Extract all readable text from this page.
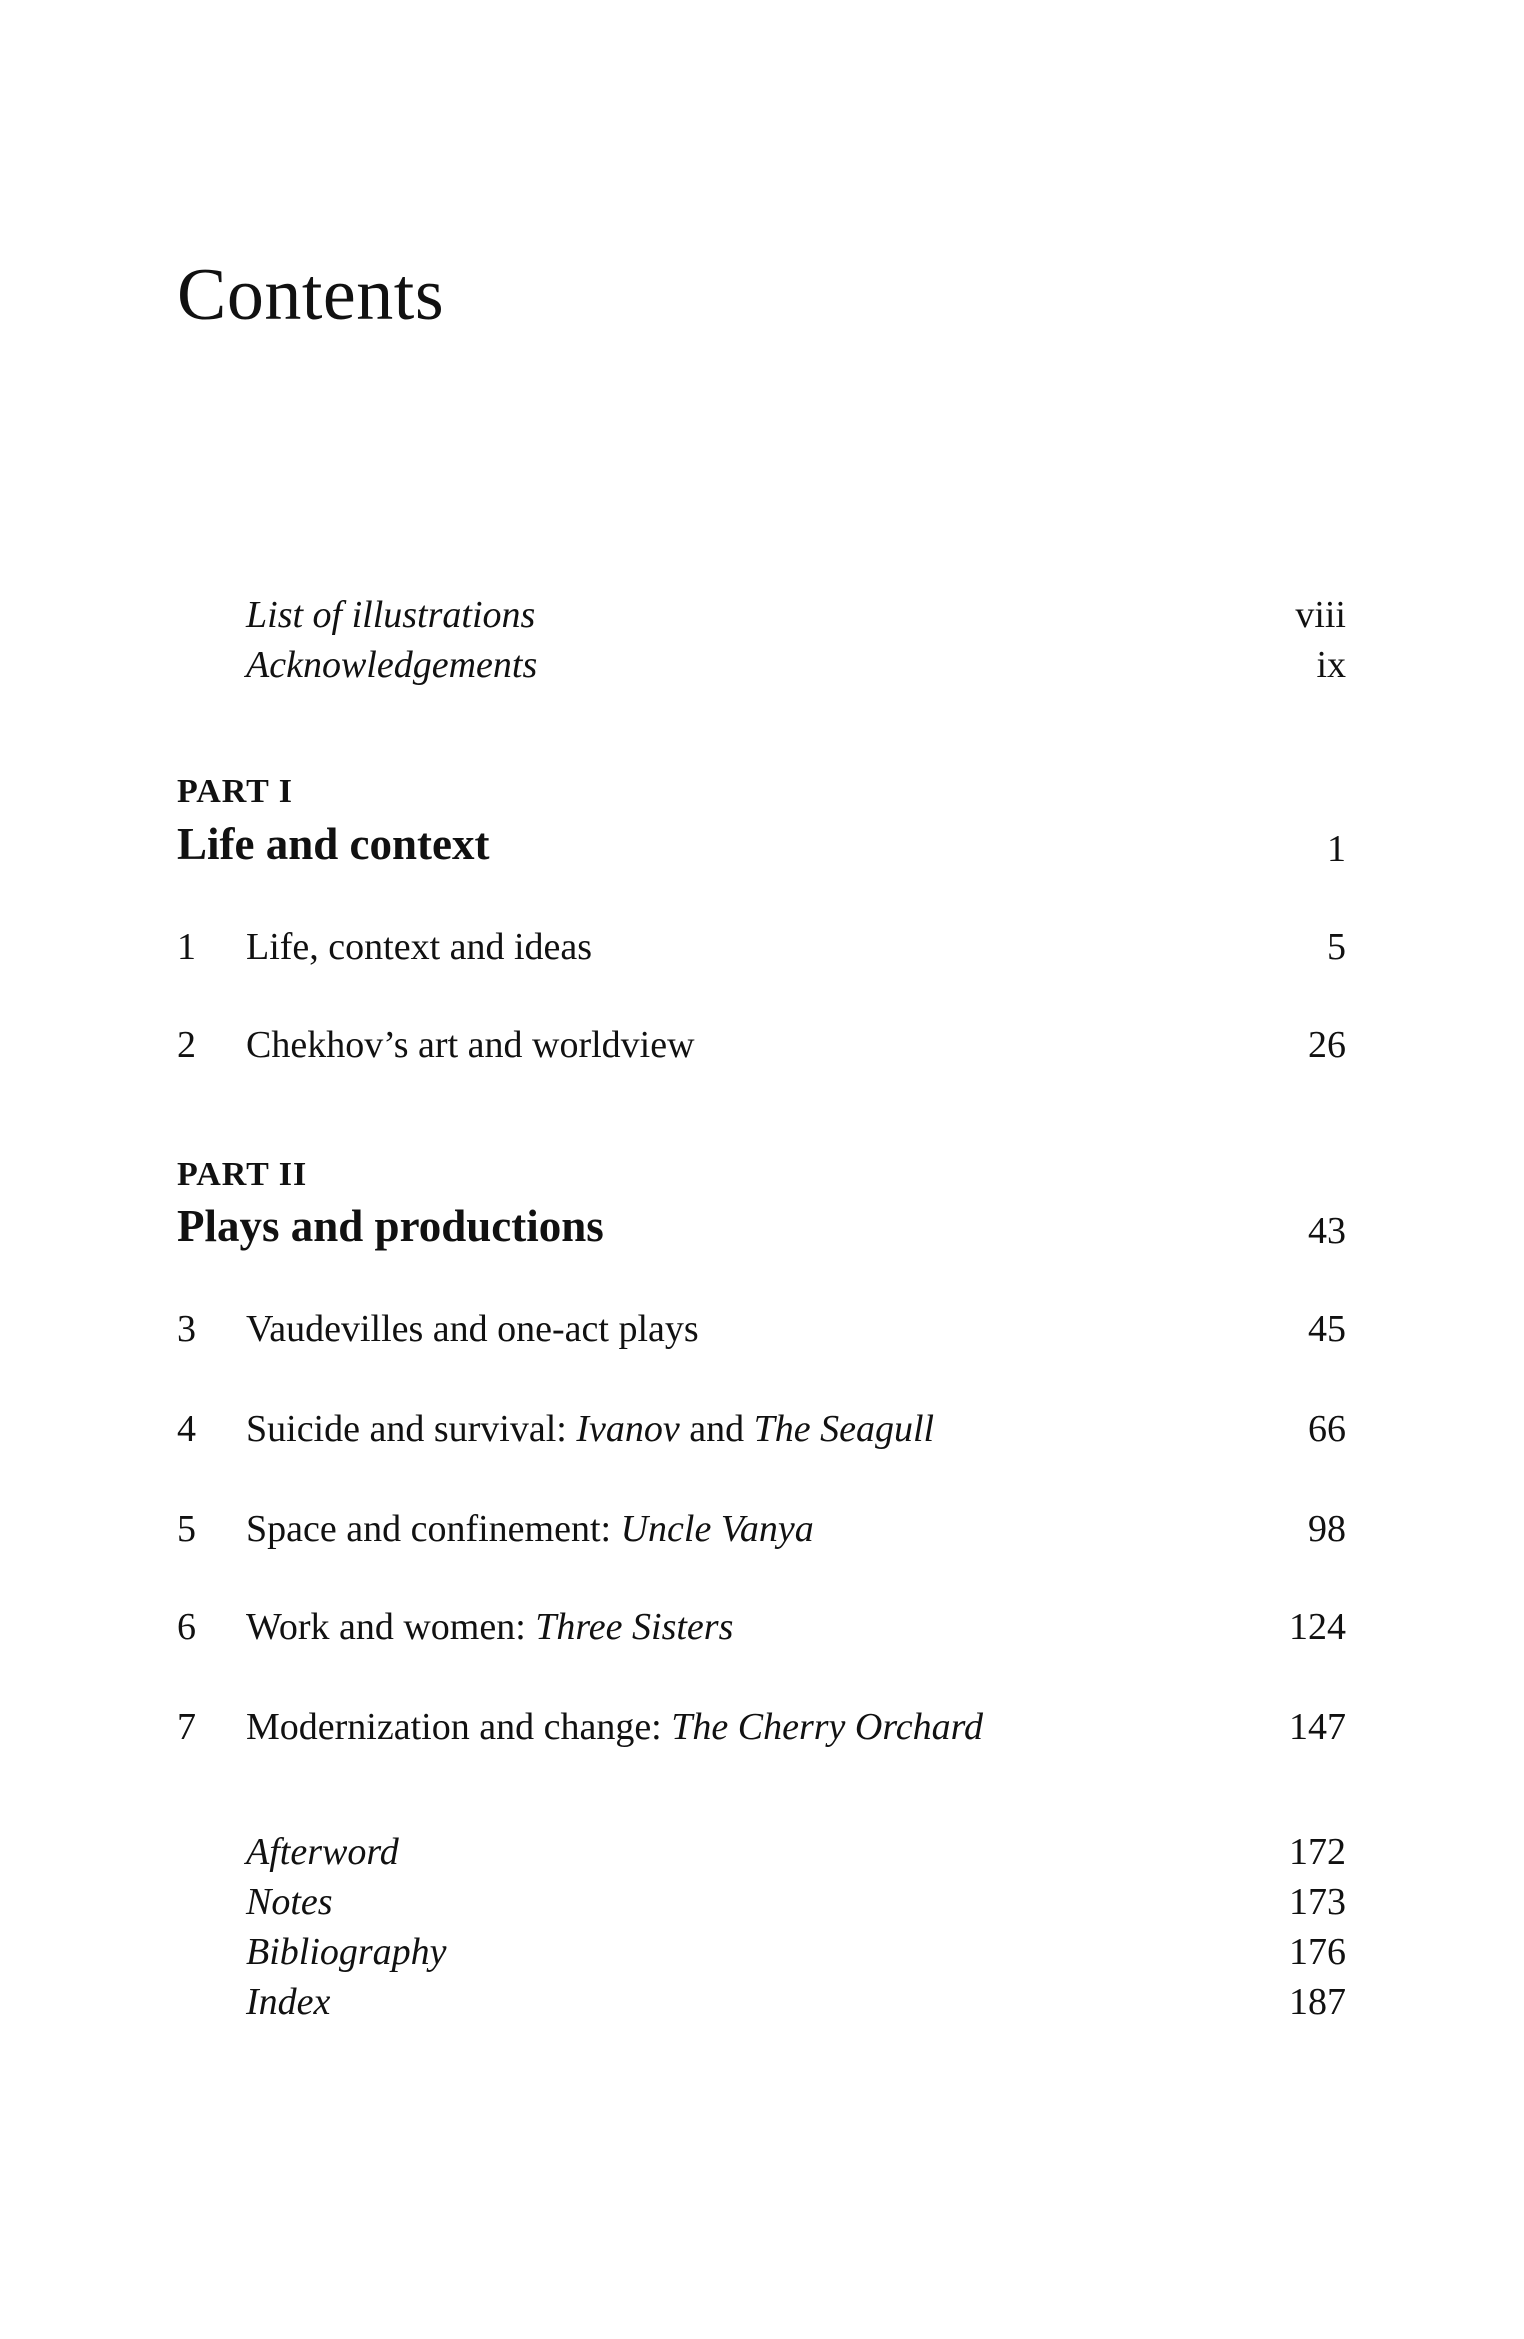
Contents
List of illustrations	viii
Acknowledgements	ix
PART I
Life and context	1
1 Life, context and ideas	5
2 Chekhov’s art and worldview	26
PART II
Plays and productions	43
3 Vaudevilles and one-act plays	45
4 Suicide and survival: Ivanov and The Seagull	66
5 Space and confinement: Uncle Vanya	98
6 Work and women: Three Sisters	124
7 Modernization and change: The Cherry Orchard	147
Afterword	172
Notes	173
Bibliography	176
Index	187
